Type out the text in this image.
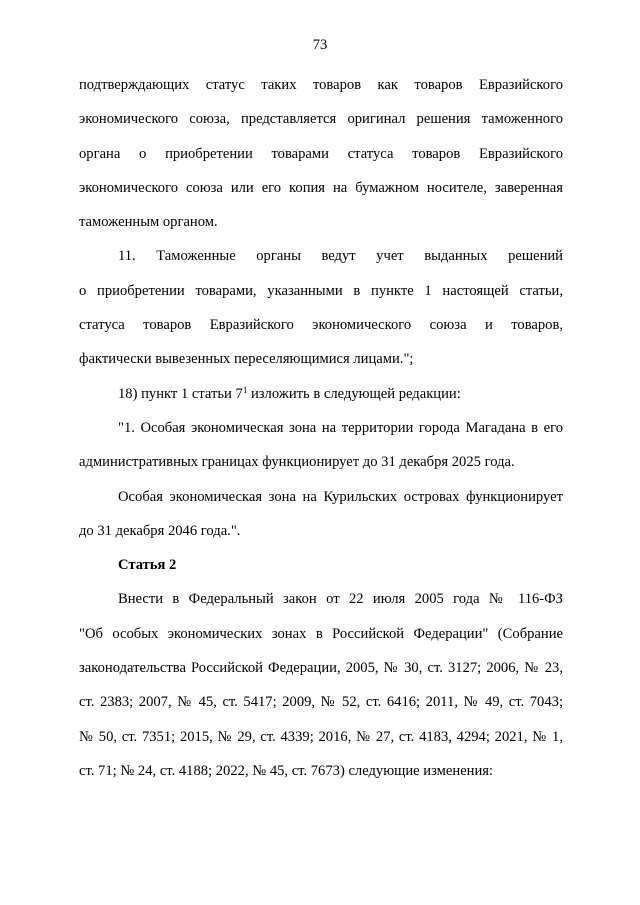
73
подтверждающих статус таких товаров как товаров Евразийского
экономического союза, представляется оригинал решения таможенного
органа о приобретении товарами статуса товаров Евразийского
экономического союза или его копия на бумажном носителе, заверенная
таможенным органом.
11. Таможенные органы ведут учет выданных решений
о приобретении товарами, указанными в пункте 1 настоящей статьи,
статуса товаров Евразийского экономического союза и товаров,
фактически вывезенных переселяющимися лицами.";
18) пункт 1 статьи $7^1$ изложить в следующей редакции:
"1. Особая экономическая зона на территории города Магадана в его
административных границах функционирует до 31 декабря 2025 года.
Особая экономическая зона на Курильских островах функционирует
до 31 декабря 2046 года.".
Статья 2
Внести в Федеральный закон от 22 июля 2005 года № 116-ФЗ
"Об особых экономических зонах в Российской Федерации" (Собрание
законодательства Российской Федерации, 2005, № 30, ст. 3127; 2006, № 23,
ст. 2383; 2007, № 45, ст. 5417; 2009, № 52, ст. 6416; 2011, № 49, ст. 7043;
№ 50, ст. 7351; 2015, № 29, ст. 4339; 2016, № 27, ст. 4183, 4294; 2021, № 1,
ст. 71; № 24, ст. 4188; 2022, № 45, ст. 7673) следующие изменения:
